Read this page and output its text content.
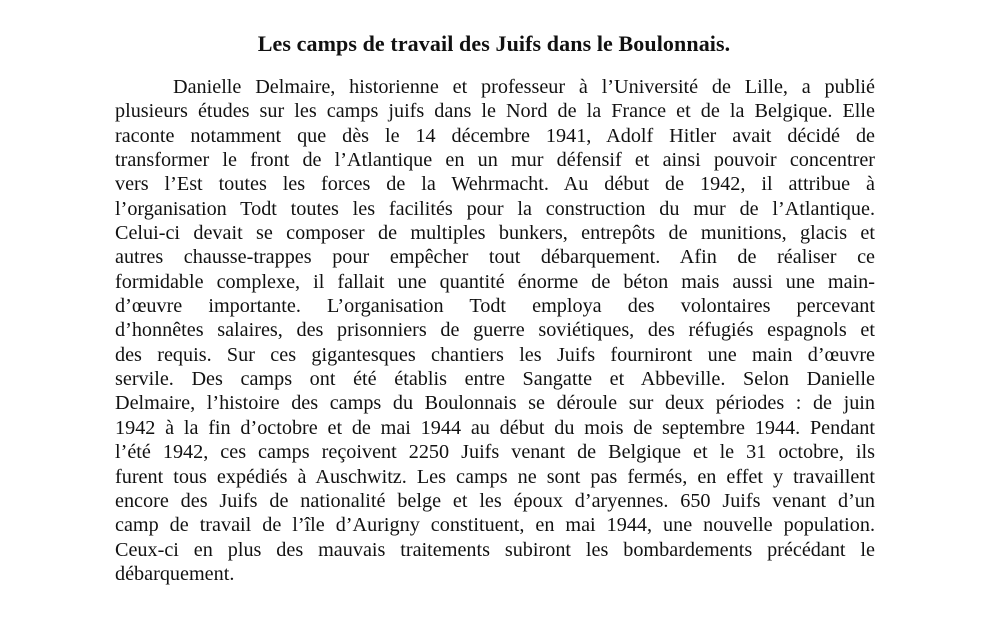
Les camps de travail des Juifs dans le Boulonnais.
Danielle Delmaire, historienne et professeur à l’Université de Lille, a publié
plusieurs études sur les camps juifs dans le Nord de la France et de la Belgique. Elle
raconte notamment que dès le 14 décembre 1941, Adolf Hitler avait décidé de
transformer le front de l’Atlantique en un mur défensif et ainsi pouvoir concentrer
vers l’Est toutes les forces de la Wehrmacht. Au début de 1942, il attribue à
l’organisation Todt toutes les facilités pour la construction du mur de l’Atlantique.
Celui-ci devait se composer de multiples bunkers, entrepôts de munitions, glacis et
autres chausse-trappes pour empêcher tout débarquement. Afin de réaliser ce
formidable complexe, il fallait une quantité énorme de béton mais aussi une main-
d’œuvre importante. L’organisation Todt employa des volontaires percevant
d’honnêtes salaires, des prisonniers de guerre soviétiques, des réfugiés espagnols et
des requis. Sur ces gigantesques chantiers les Juifs fourniront une main d’œuvre
servile. Des camps ont été établis entre Sangatte et Abbeville. Selon Danielle
Delmaire, l’histoire des camps du Boulonnais se déroule sur deux périodes : de juin
1942 à la fin d’octobre et de mai 1944 au début du mois de septembre 1944. Pendant
l’été 1942, ces camps reçoivent 2250 Juifs venant de Belgique et le 31 octobre, ils
furent tous expédiés à Auschwitz. Les camps ne sont pas fermés, en effet y travaillent
encore des Juifs de nationalité belge et les époux d’aryennes. 650 Juifs venant d’un
camp de travail de l’île d’Aurigny constituent, en mai 1944, une nouvelle population.
Ceux-ci en plus des mauvais traitements subiront les bombardements précédant le
débarquement.
